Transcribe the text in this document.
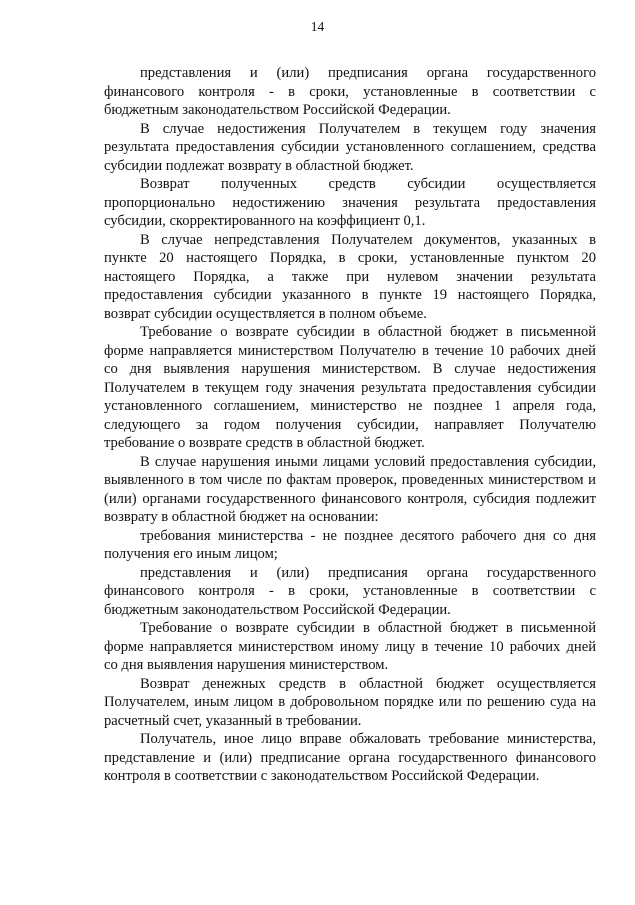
14
представления и (или) предписания органа государственного
финансового контроля - в сроки, установленные в соответствии с
бюджетным законодательством Российской Федерации.
В случае недостижения Получателем в текущем году значения
результата предоставления субсидии установленного соглашением, средства
субсидии подлежат возврату в областной бюджет.
Возврат полученных средств субсидии осуществляется
пропорционально недостижению значения результата предоставления
субсидии, скорректированного на коэффициент 0,1.
В случае непредставления Получателем документов, указанных в
пункте 20 настоящего Порядка, в сроки, установленные пунктом 20
настоящего Порядка, а также при нулевом значении результата
предоставления субсидии указанного в пункте 19 настоящего Порядка,
возврат субсидии осуществляется в полном объеме.
Требование о возврате субсидии в областной бюджет в письменной
форме направляется министерством Получателю в течение 10 рабочих дней
со дня выявления нарушения министерством. В случае недостижения
Получателем в текущем году значения результата предоставления субсидии
установленного соглашением, министерство не позднее 1 апреля года,
следующего за годом получения субсидии, направляет Получателю
требование о возврате средств в областной бюджет.
В случае нарушения иными лицами условий предоставления субсидии,
выявленного в том числе по фактам проверок, проведенных министерством и
(или) органами государственного финансового контроля, субсидия подлежит
возврату в областной бюджет на основании:
требования министерства - не позднее десятого рабочего дня со дня
получения его иным лицом;
представления и (или) предписания органа государственного
финансового контроля - в сроки, установленные в соответствии с
бюджетным законодательством Российской Федерации.
Требование о возврате субсидии в областной бюджет в письменной
форме направляется министерством иному лицу в течение 10 рабочих дней
со дня выявления нарушения министерством.
Возврат денежных средств в областной бюджет осуществляется
Получателем, иным лицом в добровольном порядке или по решению суда на
расчетный счет, указанный в требовании.
Получатель, иное лицо вправе обжаловать требование министерства,
представление и (или) предписание органа государственного финансового
контроля в соответствии с законодательством Российской Федерации.
